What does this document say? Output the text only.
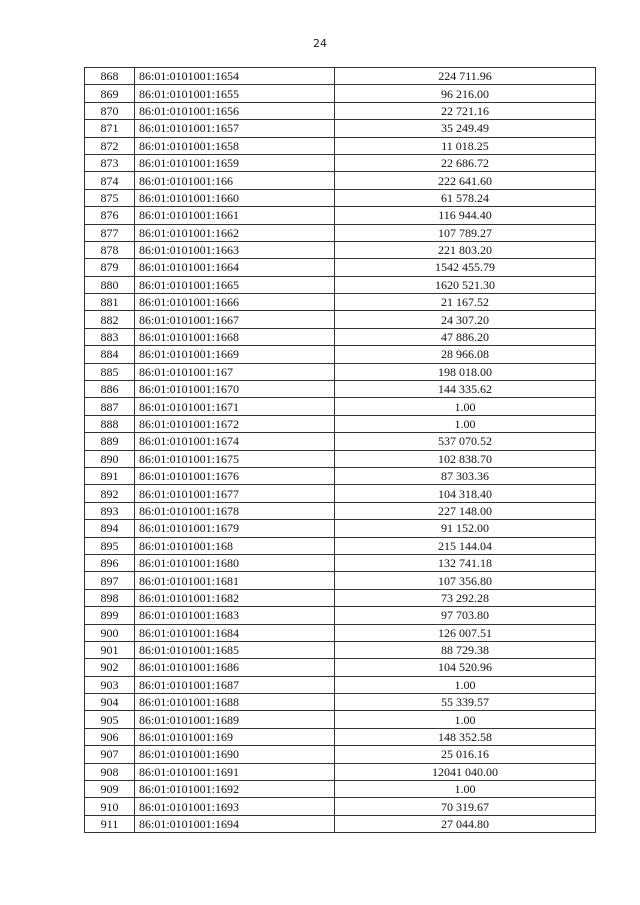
24
868	86:01:0101001:1654	224 711.96
869	86:01:0101001:1655	96 216.00
870	86:01:0101001:1656	22 721.16
871	86:01:0101001:1657	35 249.49
872	86:01:0101001:1658	11 018.25
873	86:01:0101001:1659	22 686.72
874	86:01:0101001:166	222 641.60
875	86:01:0101001:1660	61 578.24
876	86:01:0101001:1661	116 944.40
877	86:01:0101001:1662	107 789.27
878	86:01:0101001:1663	221 803.20
879	86:01:0101001:1664	1542 455.79
880	86:01:0101001:1665	1620 521.30
881	86:01:0101001:1666	21 167.52
882	86:01:0101001:1667	24 307.20
883	86:01:0101001:1668	47 886.20
884	86:01:0101001:1669	28 966.08
885	86:01:0101001:167	198 018.00
886	86:01:0101001:1670	144 335.62
887	86:01:0101001:1671	1.00
888	86:01:0101001:1672	1.00
889	86:01:0101001:1674	537 070.52
890	86:01:0101001:1675	102 838.70
891	86:01:0101001:1676	87 303.36
892	86:01:0101001:1677	104 318.40
893	86:01:0101001:1678	227 148.00
894	86:01:0101001:1679	91 152.00
895	86:01:0101001:168	215 144.04
896	86:01:0101001:1680	132 741.18
897	86:01:0101001:1681	107 356.80
898	86:01:0101001:1682	73 292.28
899	86:01:0101001:1683	97 703.80
900	86:01:0101001:1684	126 007.51
901	86:01:0101001:1685	88 729.38
902	86:01:0101001:1686	104 520.96
903	86:01:0101001:1687	1.00
904	86:01:0101001:1688	55 339.57
905	86:01:0101001:1689	1.00
906	86:01:0101001:169	148 352.58
907	86:01:0101001:1690	25 016.16
908	86:01:0101001:1691	12041 040.00
909	86:01:0101001:1692	1.00
910	86:01:0101001:1693	70 319.67
911	86:01:0101001:1694	27 044.80
